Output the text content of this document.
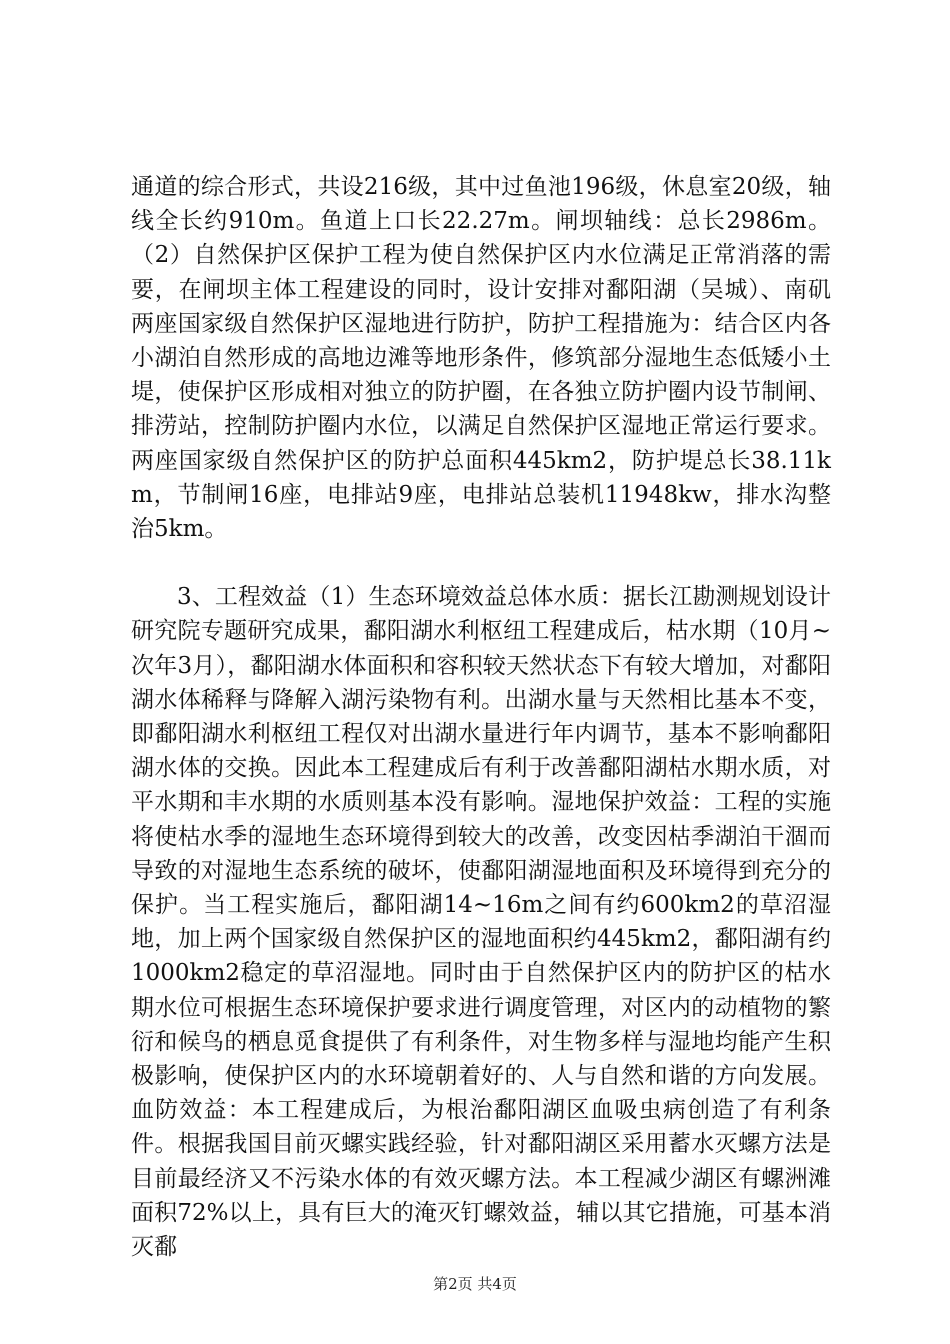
通道的综合形式，共设216级，其中过鱼池196级，休息室20级，轴线全长约910m。鱼道上口长22.27m。闸坝轴线：总长2986m。（2）自然保护区保护工程为使自然保护区内水位满足正常消落的需要，在闸坝主体工程建设的同时，设计安排对鄱阳湖（吴城）、南矶两座国家级自然保护区湿地进行防护，防护工程措施为：结合区内各小湖泊自然形成的高地边滩等地形条件，修筑部分湿地生态低矮小土堤，使保护区形成相对独立的防护圈，在各独立防护圈内设节制闸、排涝站，控制防护圈内水位，以满足自然保护区湿地正常运行要求。两座国家级自然保护区的防护总面积445km2，防护堤总长38.11km，节制闸16座，电排站9座，电排站总装机11948kw，排水沟整治5km。

3、工程效益（1）生态环境效益总体水质：据长江勘测规划设计研究院专题研究成果，鄱阳湖水利枢纽工程建成后，枯水期（10月~次年3月），鄱阳湖水体面积和容积较天然状态下有较大增加，对鄱阳湖水体稀释与降解入湖污染物有利。出湖水量与天然相比基本不变，即鄱阳湖水利枢纽工程仅对出湖水量进行年内调节，基本不影响鄱阳湖水体的交换。因此本工程建成后有利于改善鄱阳湖枯水期水质，对平水期和丰水期的水质则基本没有影响。湿地保护效益：工程的实施将使枯水季的湿地生态环境得到较大的改善，改变因枯季湖泊干涸而导致的对湿地生态系统的破坏，使鄱阳湖湿地面积及环境得到充分的保护。当工程实施后，鄱阳湖14~16m之间有约600km2的草沼湿地，加上两个国家级自然保护区的湿地面积约445km2，鄱阳湖有约1000km2稳定的草沼湿地。同时由于自然保护区内的防护区的枯水期水位可根据生态环境保护要求进行调度管理，对区内的动植物的繁衍和候鸟的栖息觅食提供了有利条件，对生物多样与湿地均能产生积极影响，使保护区内的水环境朝着好的、人与自然和谐的方向发展。血防效益：本工程建成后，为根治鄱阳湖区血吸虫病创造了有利条件。根据我国目前灭螺实践经验，针对鄱阳湖区采用蓄水灭螺方法是目前最经济又不污染水体的有效灭螺方法。本工程减少湖区有螺洲滩面积72%以上，具有巨大的淹灭钉螺效益，辅以其它措施，可基本消灭鄱

第2页 共4页
